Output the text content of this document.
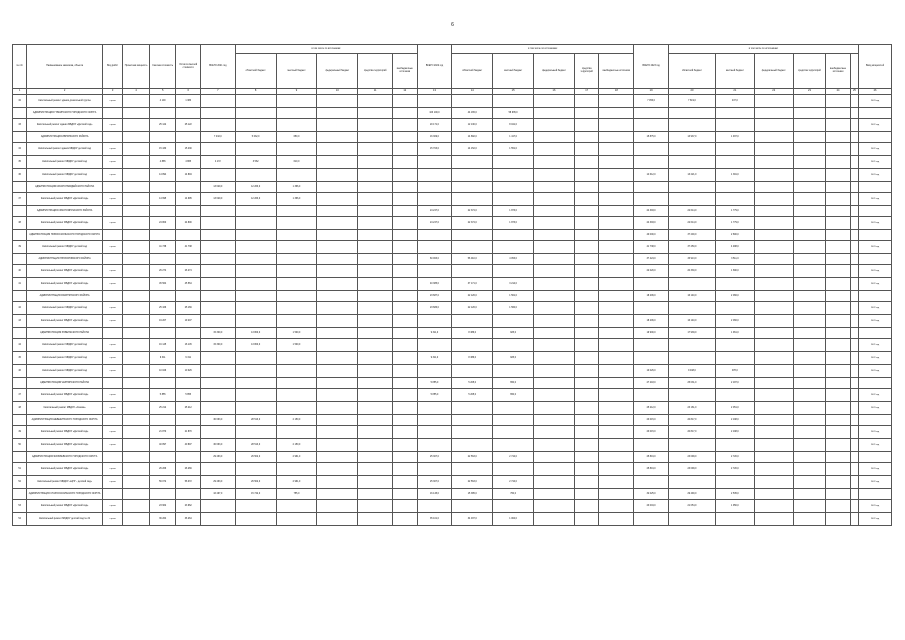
6
№ п/п	Наименование заказчика, объекта	Вид работ	Проектная мощность	Сметная стоимость	Остаток сметной стоимости	ВСЕГО 2021 год	в том числе по источникам:					ВСЕГО 2022 год	в том числе по источникам:					ВСЕГО 2023 год	в том числе по источникам:						Ввод мощностей
							областной бюджет	местный бюджет	федеральный бюджет	средства территорий	внебюджетные источники		областной бюджет	местный бюджет	федеральный бюджет	средства территорий	внебюджетные источники		областной бюджет	местный бюджет	федеральный бюджет	средства территорий	внебюджетные источники		
1	2	3	4	5	6	7	8	9	10	11	12	13	14	15	16	17	18	19	20	21	22	23	24	25	26
32	Капитальный ремонт здания дошкольной группы	стр-во		4 100	1 386													7 056,0	7 619,0	437,0					2023 год
	АДМИНИСТРАЦИЯ ГУБКИНСКОГО ГОРОДСКОГО ОКРУГА											103 100,0	44 165,0	58 935,0											
33	Капитальный ремонт здания МБДОУ «Детский сад»	стр-во		25 122	25 122							20 171,0	12 130,0	8 041,0											2022 год
	АДМИНИСТРАЦИЯ ИВНЯНСКОГО РАЙОНА					7 432,0	5 032,0	650,0				16 309,0	14 892,0	1 417,0				15 875,0	13 937,0	1 937,0					
34	Капитальный ремонт здания МБДОУ детский сад	стр-во		15 430	15 430							15 703,0	14 152,0	1 551,0											2022 год
35	Капитальный ремонт МБДОУ детский сад	стр-во		4 865	4 865	4 172	3 562	610,0																	2021 год
36	Капитальный ремонт МБДОУ детский сад	стр-во		14 894	14 894													14 612,0	13 221,0	1 391,0					2023 год
	АДМИНИСТРАЦИЯ КРАСНОГВАРДЕЙСКОГО РАЙОНА					13 629,0	12 263,0	1 366,0																	
37	Капитальный ремонт МБДОУ «Детский сад»	стр-во		14 695	14 695	13 629,0	12 263,0	1 366,0																	2021 год
	АДМИНИСТРАЦИЯ КРАСНОЯРУЖСКОГО РАЙОНА											24 247,0	22 374,0	1 873,0				24 393,0	22 614,0	1 779,0					
38	Капитальный ремонт МБДОУ «Детский сад»	стр-во		24 800	24 800							24 247,0	22 374,0	1 873,0				24 393,0	22 614,0	1 779,0					2023 год
	АДМИНИСТРАЦИЯ НОВООСКОЛЬСКОГО ГОРОДСКОГО ОКРУГА																	40 000,0	37 200,0	2 800,0					
39	Капитальный ремонт МБДОУ детский сад	стр-во		41 738	41 738													41 738,0	37 250,0	4 488,0					2023 год
	АДМИНИСТРАЦИЯ ПРОХОРОВСКОГО РАЙОНА											60 063,0	56 010,0	4 053,0				37 424,0	33 913,0	3 511,0					
40	Капитальный ремонт МБДОУ «Детский сад»	стр-во		26 274	26 274													22 020,0	20 330,0	1 690,0					2023 год
41	Капитальный ремонт МБДОУ «Детский сад»	стр-во		45 564	45 564							40 385,0	37 171,0	3 214,0											2022 год
	АДМИНИСТРАЦИЯ РАКИТЯНСКОГО РАЙОНА											23 687,0	22 126,0	1 561,0				18 206,0	16 140,0	2 066,0					
42	Капитальный ремонт МБДОУ детский сад	стр-во		25 166	25 166							23 686,0	22 126,0	1 560,0											2022 год
43	Капитальный ремонт МБДОУ «Детский сад»	стр-во		19 207	19 207													18 206,0	16 140,0	2 066,0					2023 год
	АДМИНИСТРАЦИЯ РОВЕНЬСКОГО РАЙОНА					15 300,0	13 800,0	1 500,0				9 311,0	8 386,0	925,0				19 900,0	17 939,0	1 961,0					
44	Капитальный ремонт МБДОУ детский сад	стр-во		16 145	16 145	15 300,0	13 800,0	1 500,0																	2021 год
45	Капитальный ремонт МБДОУ детский сад	стр-во		9 311	9 311							9 311,0	8 386,0	925,0											2022 год
46	Капитальный ремонт МБДОУ детский сад	стр-во		10 026	10 026													10 026,0	9 048,0	978,0					2023 год
	АДМИНИСТРАЦИЯ ЧЕРНЯНСКОГО РАЙОНА											5 855,0	5 205,0	650,0				27 218,0	25 031,0	2 187,0					
47	Капитальный ремонт МБДОУ «Детский сад»	стр-во		5 855	5 855							5 855,0	5 205,0	650,0											2022 год
48	Капитальный ремонт МБДОУ «Сказка»	стр-во		25 212	25 212													25 212,0	23 161,0	2 051,0					2023 год
	АДМИНИСТРАЦИЯ ШЕБЕКИНСКОГО ГОРОДСКОГО ОКРУГА					30 663,0	28 513,0	2 150,0										23 015,0	20 817,0	2 198,0					
49	Капитальный ремонт МБДОУ «Детский сад»	стр-во		21 870	21 870													23 015,0	20 817,0	2 198,0					2023 год
50	Капитальный ремонт МБДОУ «Детский сад»	стр-во		40 897	40 897	30 663,0	28 513,0	2 150,0																	2021 год
	АДМИНИСТРАЦИЯ ЯКОВЛЕВСКОГО ГОРОДСКОГО ОКРУГА					29 463,0	26 502,0	2 961,0				25 307,0	22 563,0	2 744,0				25 819,0	23 099,0	2 720,0					
51	Капитальный ремонт МБДОУ «Детский сад»	стр-во		26 266	26 266													25 819,0	23 099,0	2 720,0					2023 год
52	Капитальный ремонт МБДОУ «ЦРР – детский сад»	стр-во		56 072	56 072	29 463,0	26 502,0	2 961,0				25 307,0	22 563,0	2 744,0											2022 год
	АДМИНИСТРАЦИЯ СТАРООСКОЛЬСКОГО ГОРОДСКОГО ОКРУГА					16 497,0	15 742,0	755,0				16 145,0	15 385,0	760,0				32 025,0	29 490,0	2 535,0					
53	Капитальный ремонт МБДОУ «Детский сад»	стр-во		23 962	23 962													23 004,0	21 054,0	1 950,0					2023 год
54	Капитальный ремонт МБДОУ детский сад № 22	стр-во		36 264	36 264							35 101,0	34 037,0	1 064,0											2022 год
